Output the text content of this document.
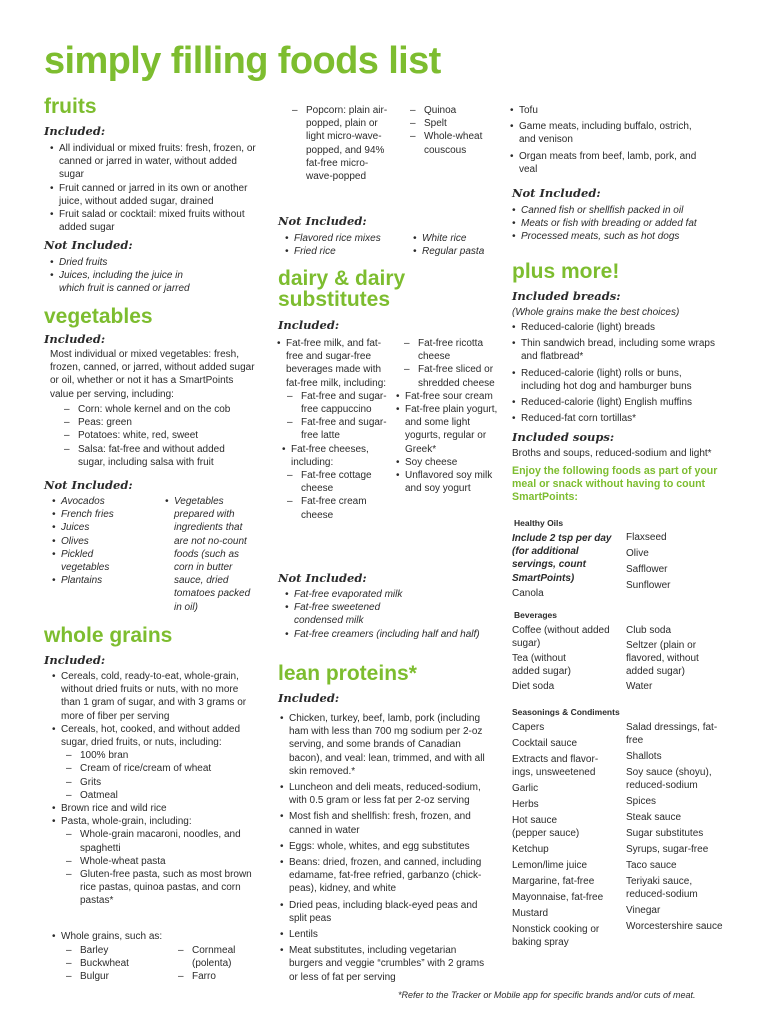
simply filling foods list
fruits
Included:
• All individual or mixed fruits: fresh, frozen, or canned or jarred in water, without added sugar
• Fruit canned or jarred in its own or another juice, without added sugar, drained
• Fruit salad or cocktail: mixed fruits without added sugar
Not Included:
• Dried fruits
• Juices, including the juice in which fruit is canned or jarred
vegetables
Included:
Most individual or mixed vegetables: fresh, frozen, canned, or jarred, without added sugar or oil, whether or not it has a SmartPoints value per serving, including:
– Corn: whole kernel and on the cob
– Peas: green
– Potatoes: white, red, sweet
– Salsa: fat-free and without added sugar, including salsa with fruit
Not Included:
• Avocados
• French fries
• Juices
• Olives
• Pickled vegetables
• Plantains
• Vegetables prepared with ingredients that are not no-count foods (such as corn in butter sauce, dried tomatoes packed in oil)
whole grains
Included:
• Cereals, cold, ready-to-eat, whole-grain, without dried fruits or nuts, with no more than 1 gram of sugar, and with 3 grams or more of fiber per serving
• Cereals, hot, cooked, and without added sugar, dried fruits, or nuts, including:
– 100% bran
– Cream of rice/cream of wheat
– Grits
– Oatmeal
• Brown rice and wild rice
• Pasta, whole-grain, including:
– Whole-grain macaroni, noodles, and spaghetti
– Whole-wheat pasta
– Gluten-free pasta, such as most brown rice pastas, quinoa pastas, and corn pastas*
• Whole grains, such as:
– Barley
– Buckwheat
– Bulgur
– Cornmeal (polenta)
– Farro
– Popcorn: plain air-popped, plain or light micro-wave-popped, and 94% fat-free micro-wave-popped
– Quinoa
– Spelt
– Whole-wheat couscous
Not Included:
• Flavored rice mixes
• Fried rice
• White rice
• Regular pasta
dairy & dairy substitutes
Included:
• Fat-free milk, and fat-free and sugar-free beverages made with fat-free milk, including:
– Fat-free and sugar-free cappuccino
– Fat-free and sugar-free latte
• Fat-free cheeses, including:
– Fat-free cottage cheese
– Fat-free cream cheese
– Fat-free ricotta cheese
– Fat-free sliced or shredded cheese
• Fat-free sour cream
• Fat-free plain yogurt, and some light yogurts, regular or Greek*
• Soy cheese
• Unflavored soy milk and soy yogurt
Not Included:
• Fat-free evaporated milk
• Fat-free sweetened condensed milk
• Fat-free creamers (including half and half)
lean proteins*
Included:
• Chicken, turkey, beef, lamb, pork (including ham with less than 700 mg sodium per 2-oz serving, and some brands of Canadian bacon), and veal: lean, trimmed, and with all skin removed.*
• Luncheon and deli meats, reduced-sodium, with 0.5 gram or less fat per 2-oz serving
• Most fish and shellfish: fresh, frozen, and canned in water
• Eggs: whole, whites, and egg substitutes
• Beans: dried, frozen, and canned, including edamame, fat-free refried, garbanzo (chick-peas), kidney, and white
• Dried peas, including black-eyed peas and split peas
• Lentils
• Meat substitutes, including vegetarian burgers and veggie “crumbles” with 2 grams or less of fat per serving
• Tofu
• Game meats, including buffalo, ostrich, and venison
• Organ meats from beef, lamb, pork, and veal
Not Included:
• Canned fish or shellfish packed in oil
• Meats or fish with breading or added fat
• Processed meats, such as hot dogs
plus more!
Included breads:
(Whole grains make the best choices)
• Reduced-calorie (light) breads
• Thin sandwich bread, including some wraps and flatbread*
• Reduced-calorie (light) rolls or buns, including hot dog and hamburger buns
• Reduced-calorie (light) English muffins
• Reduced-fat corn tortillas*
Included soups:
Broths and soups, reduced-sodium and light*
Enjoy the following foods as part of your meal or snack without having to count SmartPoints:
Healthy Oils
Include 2 tsp per day (for additional servings, count SmartPoints)
Canola
Flaxseed
Olive
Safflower
Sunflower
Beverages
Coffee (without added sugar)
Tea (without added sugar)
Diet soda
Club soda
Seltzer (plain or flavored, without added sugar)
Water
Seasonings & Condiments
Capers
Cocktail sauce
Extracts and flavor-ings, unsweetened
Garlic
Herbs
Hot sauce (pepper sauce)
Ketchup
Lemon/lime juice
Margarine, fat-free
Mayonnaise, fat-free
Mustard
Nonstick cooking or baking spray
Salad dressings, fat-free
Shallots
Soy sauce (shoyu), reduced-sodium
Spices
Steak sauce
Sugar substitutes
Syrups, sugar-free
Taco sauce
Teriyaki sauce, reduced-sodium
Vinegar
Worcestershire sauce
*Refer to the Tracker or Mobile app for specific brands and/or cuts of meat.
